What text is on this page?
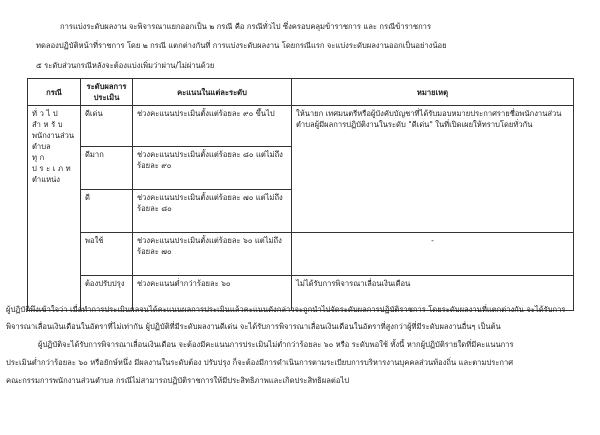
การแบ่งระดับผลงาน จะพิจารณาแยกออกเป็น ๒ กรณี คือ กรณีทั่วไป ซึ่งครอบคลุมข้าราชการ และ กรณีข้าราชการ

ทดลองปฏิบัติหน้าที่ราชการ โดย ๒ กรณี แตกต่างกันที่ การแบ่งระดับผลงาน โดยกรณีแรก จะแบ่งระดับผลงานออกเป็นอย่างน้อย

๕ ระดับส่วนกรณีหลังจะต้องแบ่งเพิ่มว่าผ่าน/ไม่ผ่านด้วย

กรณี	ระดับผลการประเมิน	คะแนนในแต่ละระดับ	หมายเหตุ

ทั่วไปสำหรับ
พนักงานส่วนตำบล
ทุกประเภท
ตำแหน่ง	ดีเด่น	ช่วงคะแนนประเมินตั้งแต่ร้อยละ ๙๐ ขึ้นไป	ให้นายก เทศมนตรีหรือผู้บังคับบัญชาที่ได้รับมอบหมายประกาศรายชื่อพนักงานส่วนตำบลผู้มีผลการปฏิบัติงานในระดับ "ดีเด่น" ในที่เปิดเผยให้ทราบโดยทั่วกัน
	ดีมาก	ช่วงคะแนนประเมินตั้งแต่ร้อยละ ๘๐ แต่ไม่ถึงร้อยละ ๙๐	
	ดี	ช่วงคะแนนประเมินตั้งแต่ร้อยละ ๗๐ แต่ไม่ถึงร้อยละ ๘๐	
	พอใช้	ช่วงคะแนนประเมินตั้งแต่ร้อยละ ๖๐ แต่ไม่ถึงร้อยละ ๗๐	-
	ต้องปรับปรุง	ช่วงคะแนนต่ำกว่าร้อยละ ๖๐	ไม่ได้รับการพิจารณาเลื่อนเงินเดือน

ผู้ปฏิบัติพึงเข้าใจว่า เมื่อทำการประเมินผลจนได้คะแนนผลการประเมินแล้วคะแนนดังกล่าวจะถูกนำไปจัดระดับผลการปฏิบัติราชการ โดยระดับผลงานที่แตกต่างกัน จะได้รับการ

พิจารณาเลื่อนเงินเดือนในอัตราที่ไม่เท่ากัน ผู้ปฏิบัติที่มีระดับผลงานดีเด่น จะได้รับการพิจารณาเลื่อนเงินเดือนในอัตราที่สูงกว่าผู้ที่มีระดับผลงานอื่นๆ เป็นต้น

ผู้ปฏิบัติจะได้รับการพิจารณาเลื่อนเงินเดือน จะต้องมีคะแนนการประเมินไม่ต่ำกว่าร้อยละ ๖๐ หรือ ระดับพอใช้ ทั้งนี้ หากผู้ปฏิบัติรายใดที่มีคะแนนการ

ประเมินต่ำกว่าร้อยละ ๖๐ หรือยักษ์หนึ่ง มีผลงานในระดับต้อง ปรับปรุง ก็จะต้องมีการดำเนินการตามระเบียบการบริหารงานบุคคลส่วนท้องถิ่น และตามประกาศ

คณะกรรมการพนักงานส่วนตำบล กรณีไม่สามารถปฏิบัติราชการให้มีประสิทธิภาพและเกิดประสิทธิผลต่อไป
